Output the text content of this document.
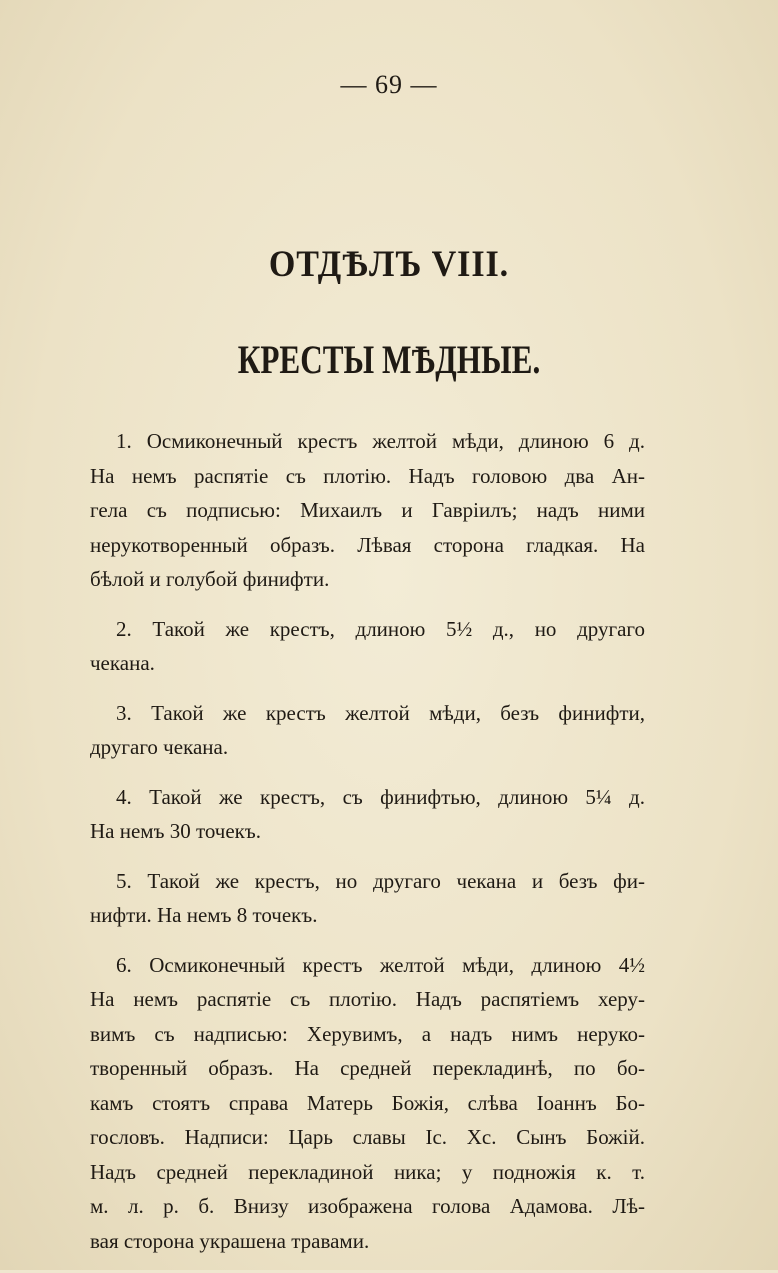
— 69 —
ОТДѢЛЪ VIII.
КРЕСТЫ МѢДНЫЕ.
1. Осмиконечный крестъ желтой мѣди, длиною 6 д.
На немъ распятіе съ плотію. Надъ головою два Ан-
гела съ подписью: Михаилъ и Гавріилъ; надъ ними
нерукотворенный образъ. Лѣвая сторона гладкая. На
бѣлой и голубой финифти.
2. Такой же крестъ, длиною 5½ д., но другаго
чекана.
3. Такой же крестъ желтой мѣди, безъ финифти,
другаго чекана.
4. Такой же крестъ, съ финифтью, длиною 5¼ д.
На немъ 30 точекъ.
5. Такой же крестъ, но другаго чекана и безъ фи-
нифти. На немъ 8 точекъ.
6. Осмиконечный крестъ желтой мѣди, длиною 4½
На немъ распятіе съ плотію. Надъ распятіемъ херу-
вимъ съ надписью: Херувимъ, а надъ нимъ неруко-
творенный образъ. На средней перекладинѣ, по бо-
камъ стоятъ справа Матерь Божія, слѣва Іоаннъ Бо-
гословъ. Надписи: Царь славы Іс. Хс. Сынъ Божій.
Надъ средней перекладиной ника; у подножія к. т.
м. л. р. б. Внизу изображена голова Адамова. Лѣ-
вая сторона украшена травами.
